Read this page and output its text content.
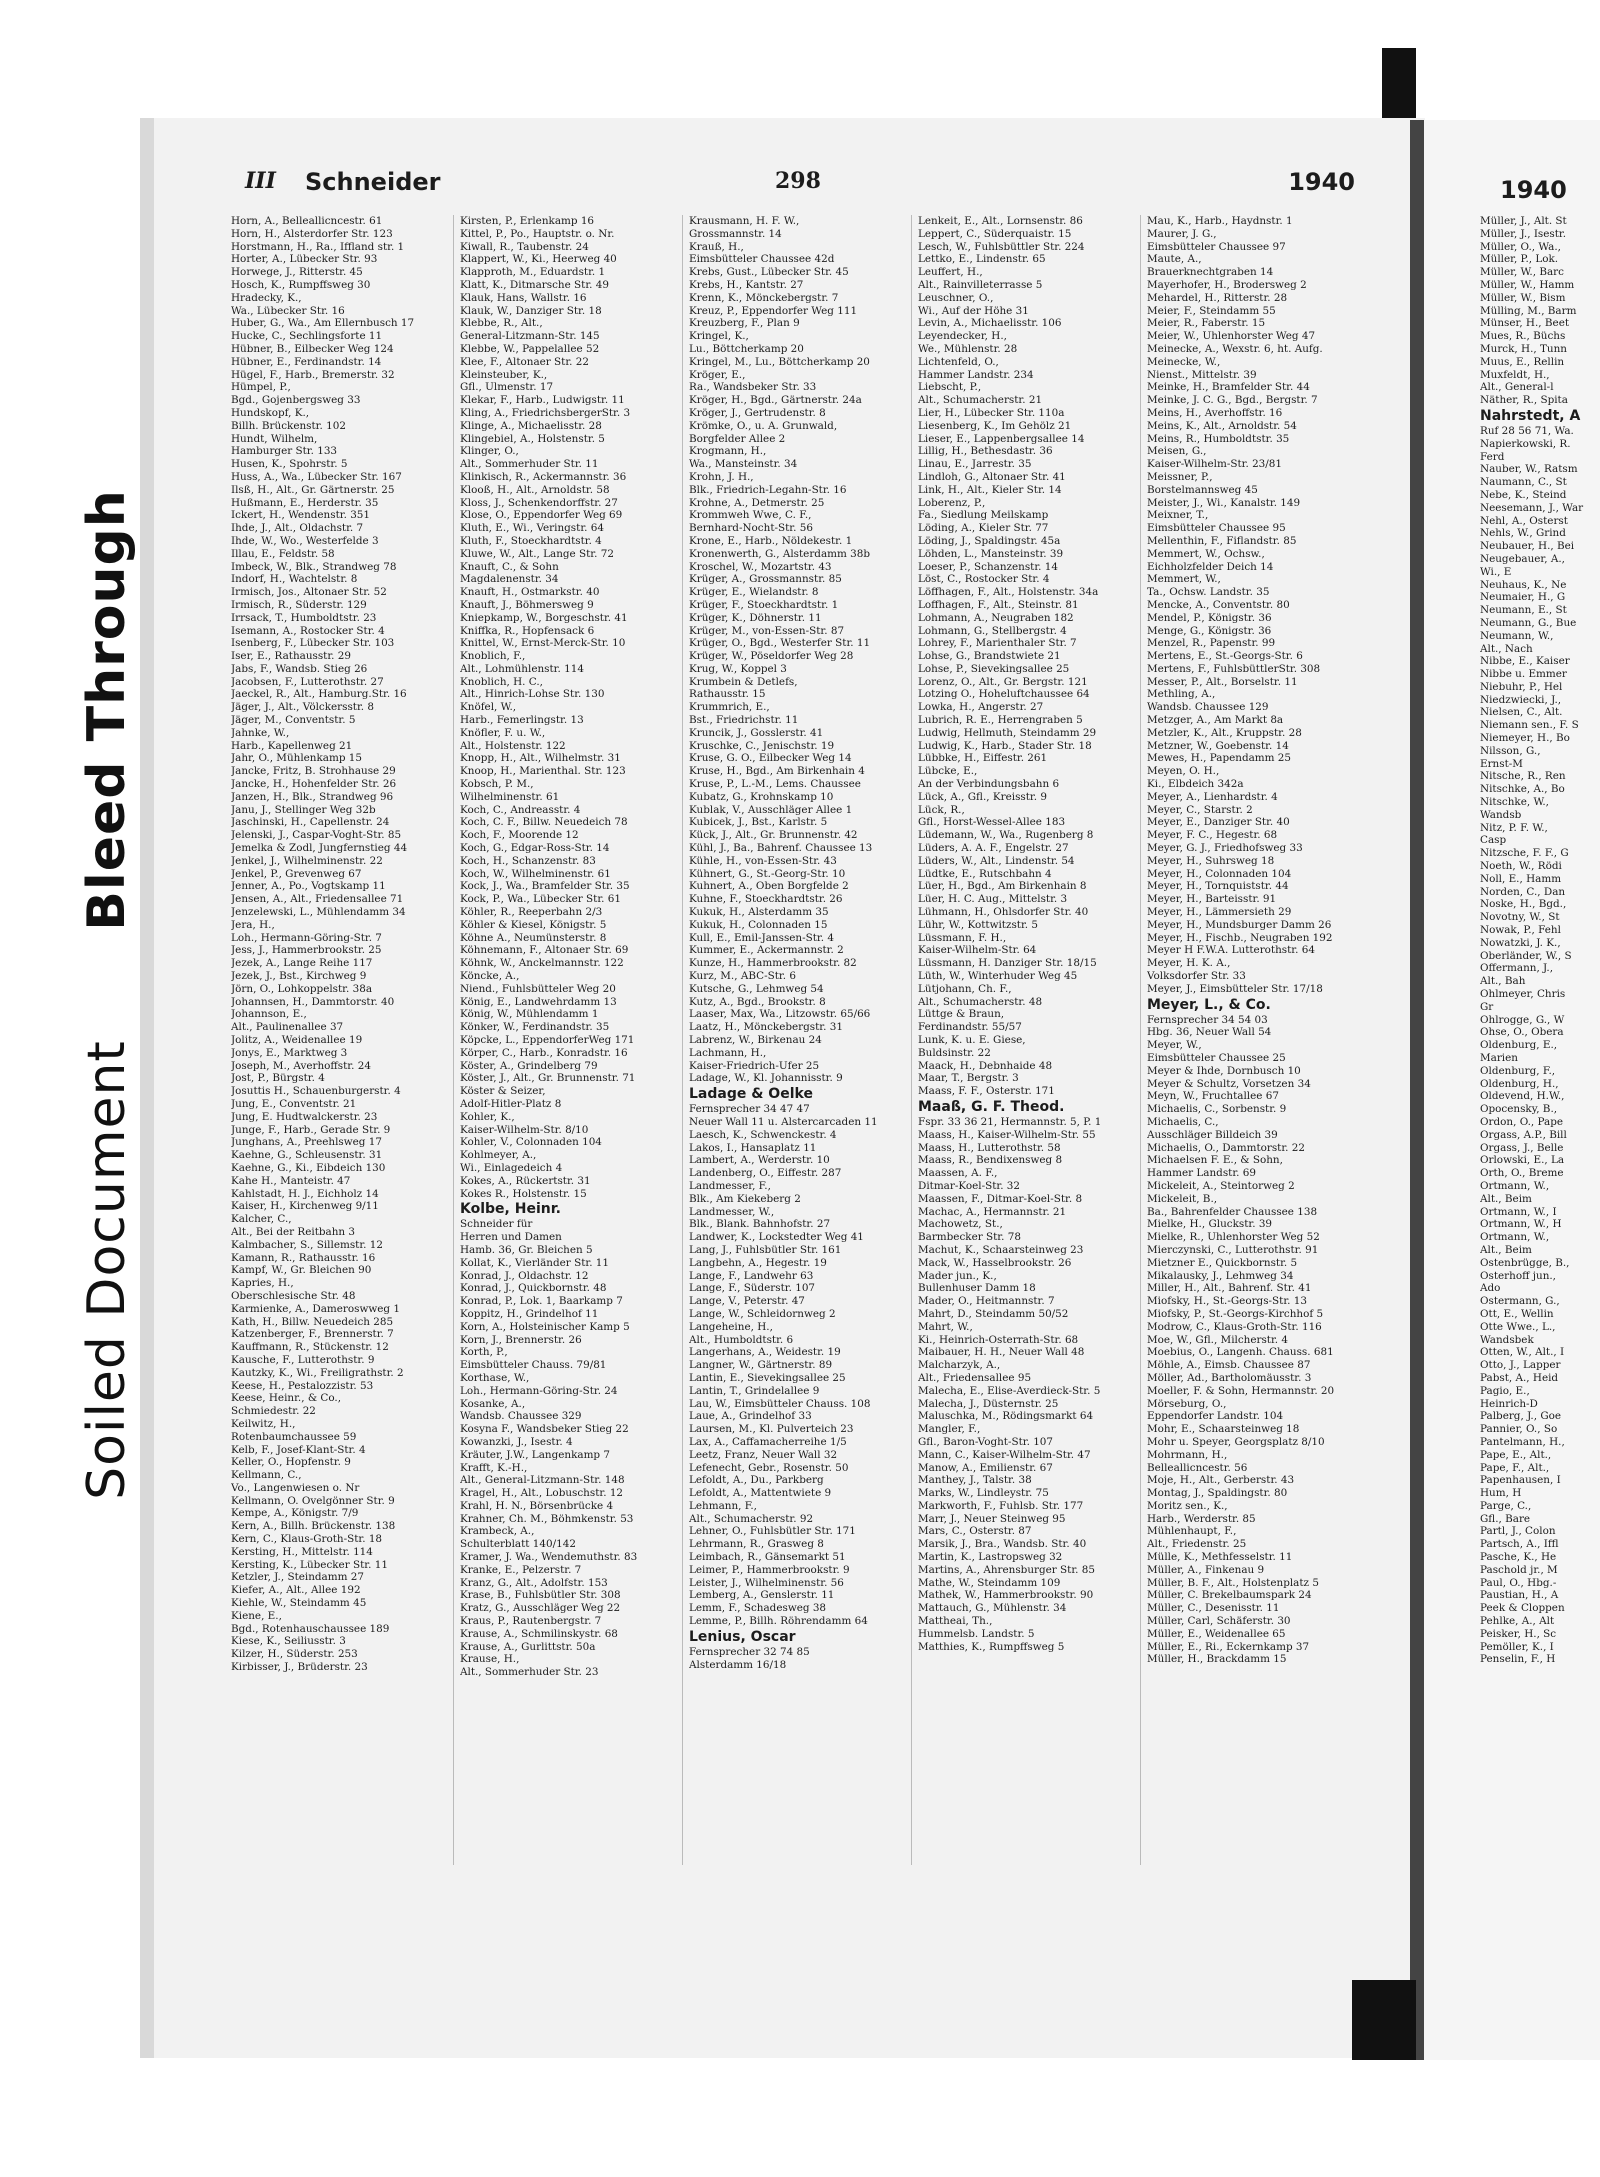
Bleed Through
Soiled Document
III Schneider	298	1940	1940
Horn, A., Belleallicncestr. 61
Horn, H., Alsterdorfer Str. 123
Horstmann, H., Ra., Iffland str. 1
Horter, A., Lübecker Str. 93
Horwege, J., Ritterstr. 45
Hosch, K., Rumpffsweg 30
Hradecky, K.,
Wa., Lübecker Str. 16
Huber, G., Wa., Am Ellernbusch 17
Hucke, C., Sechlingsforte 11
Hübner, B., Eilbecker Weg 124
Hübner, E., Ferdinandstr. 14
Hügel, F., Harb., Bremerstr. 32
Hümpel, P.,
Bgd., Gojenbergsweg 33
Hundskopf, K.,
Billh. Brückenstr. 102
Hundt, Wilhelm,
Hamburger Str. 133
Husen, K., Spohrstr. 5
Huss, A., Wa., Lübecker Str. 167
Ilsß, H., Alt., Gr. Gärtnerstr. 25
Hußmann, E., Herderstr. 35
Ickert, H., Wendenstr. 351
Ihde, J., Alt., Oldachstr. 7
Ihde, W., Wo., Westerfelde 3
Illau, E., Feldstr. 58
Imbeck, W., Blk., Strandweg 78
Indorf, H., Wachtelstr. 8
Irmisch, Jos., Altonaer Str. 52
Irmisch, R., Süderstr. 129
Irrsack, T., Humboldtstr. 23
Isemann, A., Rostocker Str. 4
Isenberg, F., Lübecker Str. 103
Iser, E., Rathausstr. 29
Jabs, F., Wandsb. Stieg 26
Jacobsen, F., Lutterothstr. 27
Jaeckel, R., Alt., Hamburg.Str. 16
Jäger, J., Alt., Völckersstr. 8
Jäger, M., Conventstr. 5
Jahnke, W.,
Harb., Kapellenweg 21
Jahr, O., Mühlenkamp 15
Jancke, Fritz, B. Strohhause 29
Jancke, H., Hohenfelder Str. 26
Janzen, H., Blk., Strandweg 96
Janu, J., Stellinger Weg 32b
Jaschinski, H., Capellenstr. 24
Jelenski, J., Caspar-Voght-Str. 85
Jemelka & Zodl, Jungfernstieg 44
Jenkel, J., Wilhelminenstr. 22
Jenkel, P., Grevenweg 67
Jenner, A., Po., Vogtskamp 11
Jensen, A., Alt., Friedensallee 71
Jenzelewski, L., Mühlendamm 34
Jera, H.,
Loh., Hermann-Göring-Str. 7
Jess, J., Hammerbrookstr. 25
Jezek, A., Lange Reihe 117
Jezek, J., Bst., Kirchweg 9
Jörn, O., Lohkoppelstr. 38a
Johannsen, H., Dammtorstr. 40
Johannson, E.,
Alt., Paulinenallee 37
Jolitz, A., Weidenallee 19
Jonys, E., Marktweg 3
Joseph, M., Averhoffstr. 24
Jost, P., Bürgstr. 4
Josuttis H., Schauenburgerstr. 4
Jung, E., Conventstr. 21
Jung, E. Hudtwalckerstr. 23
Junge, F., Harb., Gerade Str. 9
Junghans, A., Preehlsweg 17
Kaehne, G., Schleusenstr. 31
Kaehne, G., Ki., Eibdeich 130
Kahe H., Manteistr. 47
Kahlstadt, H. J., Eichholz 14
Kaiser, H., Kirchenweg 9/11
Kalcher, C.,
Alt., Bei der Reitbahn 3
Kalmbacher, S., Sillemstr. 12
Kamann, R., Rathausstr. 16
Kampf, W., Gr. Bleichen 90
Kapries, H.,
Oberschlesische Str. 48
Karmienke, A., Dameroswweg 1
Kath, H., Billw. Neuedeich 285
Katzenberger, F., Brennerstr. 7
Kauffmann, R., Stückenstr. 12
Kausche, F., Lutterothstr. 9
Kautzky, K., Wi., Freiligrathstr. 2
Keese, H., Pestalozzistr. 53
Keese, Heinr., & Co.,
Schmiedestr. 22
Keilwitz, H.,
Rotenbaumchaussee 59
Kelb, F., Josef-Klant-Str. 4
Keller, O., Hopfenstr. 9
Kellmann, C.,
Vo., Langenwiesen o. Nr
Kellmann, O. Ovelgönner Str. 9
Kempe, A., Königstr. 7/9
Kern, A., Billh. Brückenstr. 138
Kern, C., Klaus-Groth-Str. 18
Kersting, H., Mittelstr. 114
Kersting, K., Lübecker Str. 11
Ketzler, J., Steindamm 27
Kiefer, A., Alt., Allee 192
Kiehle, W., Steindamm 45
Kiene, E.,
Bgd., Rotenhauschaussee 189
Kiese, K., Seiliusstr. 3
Kilzer, H., Süderstr. 253
Kirbisser, J., Brüderstr. 23
Kirsten, P., Erlenkamp 16
Kittel, P., Po., Hauptstr. o. Nr.
Kiwall, R., Taubenstr. 24
Klappert, W., Ki., Heerweg 40
Klapproth, M., Eduardstr. 1
Klatt, K., Ditmarsche Str. 49
Klauk, Hans, Wallstr. 16
Klauk, W., Danziger Str. 18
Klebbe, R., Alt.,
General-Litzmann-Str. 145
Klebbe, W., Pappelallee 52
Klee, F., Altonaer Str. 22
Kleinsteuber, K.,
Gfl., Ulmenstr. 17
Klekar, F., Harb., Ludwigstr. 11
Kling, A., FriedrichsbergerStr. 3
Klinge, A., Michaelisstr. 28
Klingebiel, A., Holstenstr. 5
Klinger, O.,
Alt., Sommerhuder Str. 11
Klinkisch, R., Ackermannstr. 36
Klooß, H., Alt., Arnoldstr. 58
Kloss, J., Schenkendorffstr. 27
Klose, O., Eppendorfer Weg 69
Kluth, E., Wi., Veringstr. 64
Kluth, F., Stoeckhardtstr. 4
Kluwe, W., Alt., Lange Str. 72
Knauft, C., & Sohn
Magdalenenstr. 34
Knauft, H., Ostmarkstr. 40
Knauft, J., Böhmersweg 9
Kniepkamp, W., Borgeschstr. 41
Kniffka, R., Hopfensack 6
Knittel, W., Ernst-Merck-Str. 10
Knoblich, F.,
Alt., Lohmühlenstr. 114
Knoblich, H. C.,
Alt., Hinrich-Lohse Str. 130
Knöfel, W.,
Harb., Femerlingstr. 13
Knöfler, F. u. W.,
Alt., Holstenstr. 122
Knopp, H., Alt., Wilhelmstr. 31
Knoop, H., Marienthal. Str. 123
Kobsch, P. M.,
Wilhelminenstr. 61
Koch, C., Andreasstr. 4
Koch, C. F., Billw. Neuedeich 78
Koch, F., Moorende 12
Koch, G., Edgar-Ross-Str. 14
Koch, H., Schanzenstr. 83
Koch, W., Wilhelminenstr. 61
Kock, J., Wa., Bramfelder Str. 35
Kock, P., Wa., Lübecker Str. 61
Köhler, R., Reeperbahn 2/3
Köhler & Kiesel, Königstr. 5
Köhne A., Neumünsterstr. 8
Köhnemann, F., Altonaer Str. 69
Köhnk, W., Anckelmannstr. 122
Köncke, A.,
Niend., Fuhlsbütteler Weg 20
König, E., Landwehrdamm 13
König, W., Mühlendamm 1
Könker, W., Ferdinandstr. 35
Köpcke, L., EppendorferWeg 171
Körper, C., Harb., Konradstr. 16
Köster, A., Grindelberg 79
Köster, J., Alt., Gr. Brunnenstr. 71
Köster & Seizer,
Adolf-Hitler-Platz 8
Kohler, K.,
Kaiser-Wilhelm-Str. 8/10
Kohler, V., Colonnaden 104
Kohlmeyer, A.,
Wi., Einlagedeich 4
Kokes, A., Rückertstr. 31
Kokes R., Holstenstr. 15
Kolbe, Heinr.
Schneider für
Herren und Damen
Hamb. 36, Gr. Bleichen 5
Kollat, K., Vierländer Str. 11
Konrad, J., Oldachstr. 12
Konrad, J., Quickbornstr. 48
Konrad, P., Lok. 1, Baarkamp 7
Koppitz, H., Grindelhof 11
Korn, A., Holsteinischer Kamp 5
Korn, J., Brennerstr. 26
Korth, P.,
Eimsbütteler Chauss. 79/81
Korthase, W.,
Loh., Hermann-Göring-Str. 24
Kosanke, A.,
Wandsb. Chaussee 329
Kosyna F., Wandsbeker Stieg 22
Kowanzki, J., Isestr. 4
Kräuter, J.W., Langenkamp 7
Krafft, K.-H.,
Alt., General-Litzmann-Str. 148
Kragel, H., Alt., Lobuschstr. 12
Krahl, H. N., Börsenbrücke 4
Krahner, Ch. M., Böhmkenstr. 53
Krambeck, A.,
Schulterblatt 140/142
Kramer, J. Wa., Wendemuthstr. 83
Kranke, E., Pelzerstr. 7
Kranz, G., Alt., Adolfstr. 153
Krase, B., Fuhlsbütler Str. 308
Kratz, G., Ausschläger Weg 22
Kraus, P., Rautenbergstr. 7
Krause, A., Schmilinskystr. 68
Krause, A., Gurlittstr. 50a
Krause, H.,
Alt., Sommerhuder Str. 23
Krausmann, H. F. W.,
Grossmannstr. 14
Krauß, H.,
Eimsbütteler Chaussee 42d
Krebs, Gust., Lübecker Str. 45
Krebs, H., Kantstr. 27
Krenn, K., Mönckebergstr. 7
Kreuz, P., Eppendorfer Weg 111
Kreuzberg, F., Plan 9
Kringel, K.,
Lu., Böttcherkamp 20
Kringel, M., Lu., Böttcherkamp 20
Kröger, E.,
Ra., Wandsbeker Str. 33
Kröger, H., Bgd., Gärtnerstr. 24a
Kröger, J., Gertrudenstr. 8
Krömke, O., u. A. Grunwald,
Borgfelder Allee 2
Krogmann, H.,
Wa., Mansteinstr. 34
Krohn, J. H.,
Blk., Friedrich-Legahn-Str. 16
Krohne, A., Detmerstr. 25
Krommweh Wwe, C. F.,
Bernhard-Nocht-Str. 56
Krone, E., Harb., Nöldekestr. 1
Kronenwerth, G., Alsterdamm 38b
Kroschel, W., Mozartstr. 43
Krüger, A., Grossmannstr. 85
Krüger, E., Wielandstr. 8
Krüger, F., Stoeckhardtstr. 1
Krüger, K., Döhnerstr. 11
Krüger, M., von-Essen-Str. 87
Krüger, O., Bgd., Westerfer Str. 11
Krüger, W., Pöseldorfer Weg 28
Krug, W., Koppel 3
Krumbein & Detlefs,
Rathausstr. 15
Krummrich, E.,
Bst., Friedrichstr. 11
Kruncik, J., Gosslerstr. 41
Kruschke, C., Jenischstr. 19
Kruse, G. O., Eilbecker Weg 14
Kruse, H., Bgd., Am Birkenhain 4
Kruse, P., L.-M., Lems. Chaussee
Kubatz, G., Krohnskamp 10
Kublak, V., Ausschläger Allee 1
Kubicek, J., Bst., Karlstr. 5
Kück, J., Alt., Gr. Brunnenstr. 42
Kühl, J., Ba., Bahrenf. Chaussee 13
Kühle, H., von-Essen-Str. 43
Kühnert, G., St.-Georg-Str. 10
Kuhnert, A., Oben Borgfelde 2
Kuhne, F., Stoeckhardtstr. 26
Kukuk, H., Alsterdamm 35
Kukuk, H., Colonnaden 15
Kull, E., Emil-Janssen-Str. 4
Kummer, E., Ackermannstr. 2
Kunze, H., Hammerbrookstr. 82
Kurz, M., ABC-Str. 6
Kutsche, G., Lehmweg 54
Kutz, A., Bgd., Brookstr. 8
Laaser, Max, Wa., Litzowstr. 65/66
Laatz, H., Mönckebergstr. 31
Labrenz, W., Birkenau 24
Lachmann, H.,
Kaiser-Friedrich-Ufer 25
Ladage, W., Kl. Johannisstr. 9
Ladage & Oelke
Fernsprecher 34 47 47
Neuer Wall 11 u. Alstercarcaden 11
Laesch, K., Schwenckestr. 4
Lakos, I., Hansaplatz 11
Lambert, A., Werderstr. 10
Landenberg, O., Eiffestr. 287
Landmesser, F.,
Blk., Am Kiekeberg 2
Landmesser, W.,
Blk., Blank. Bahnhofstr. 27
Landwer, K., Lockstedter Weg 41
Lang, J., Fuhlsbütler Str. 161
Langbehn, A., Hegestr. 19
Lange, F., Landwehr 63
Lange, F., Süderstr. 107
Lange, V., Peterstr. 47
Lange, W., Schleidornweg 2
Langeheine, H.,
Alt., Humboldtstr. 6
Langerhans, A., Weidestr. 19
Langner, W., Gärtnerstr. 89
Lantin, E., Sievekingsallee 25
Lantin, T., Grindelallee 9
Lau, W., Eimsbütteler Chauss. 108
Laue, A., Grindelhof 33
Laursen, M., Kl. Pulverteich 23
Lax, A., Caffamacherreihe 1/5
Leetz, Franz, Neuer Wall 32
Lefenecht, Gebr., Rosenstr. 50
Lefoldt, A., Du., Parkberg
Lefoldt, A., Mattentwiete 9
Lehmann, F.,
Alt., Schumacherstr. 92
Lehner, O., Fuhlsbütler Str. 171
Lehrmann, R., Grasweg 8
Leimbach, R., Gänsemarkt 51
Leimer, P., Hammerbrookstr. 9
Leister, J., Wilhelminenstr. 56
Lemberg, A., Genslerstr. 11
Lemm, F., Schadesweg 38
Lemme, P., Billh. Röhrendamm 64
Lenius, Oscar
Fernsprecher 32 74 85
Alsterdamm 16/18
Lenkeit, E., Alt., Lornsenstr. 86
Leppert, C., Süderquaistr. 15
Lesch, W., Fuhlsbüttler Str. 224
Lettko, E., Lindenstr. 65
Leuffert, H.,
Alt., Rainvilleterrasse 5
Leuschner, O.,
Wi., Auf der Höhe 31
Levin, A., Michaelisstr. 106
Leyendecker, H.,
We., Mühlenstr. 28
Lichtenfeld, O.,
Hammer Landstr. 234
Liebscht, P.,
Alt., Schumacherstr. 21
Lier, H., Lübecker Str. 110a
Liesenberg, K., Im Gehölz 21
Lieser, E., Lappenbergsallee 14
Lillig, H., Bethesdastr. 36
Linau, E., Jarrestr. 35
Lindloh, G., Altonaer Str. 41
Link, H., Alt., Kieler Str. 14
Loberenz, P.,
Fa., Siedlung Meilskamp
Löding, A., Kieler Str. 77
Löding, J., Spaldingstr. 45a
Löhden, L., Mansteinstr. 39
Loeser, P., Schanzenstr. 14
Löst, C., Rostocker Str. 4
Löffhagen, F., Alt., Holstenstr. 34a
Loffhagen, F., Alt., Steinstr. 81
Lohmann, A., Neugraben 182
Lohmann, G., Stellbergstr. 4
Lohrey, F., Marienthaler Str. 7
Lohse, G., Brandstwiete 21
Lohse, P., Sievekingsallee 25
Lorenz, O., Alt., Gr. Bergstr. 121
Lotzing O., Hoheluftchaussee 64
Lowka, H., Angerstr. 27
Lubrich, R. E., Herrengraben 5
Ludwig, Hellmuth, Steindamm 29
Ludwig, K., Harb., Stader Str. 18
Lübbke, H., Eiffestr. 261
Lübcke, E.,
An der Verbindungsbahn 6
Lück, A., Gfl., Kreisstr. 9
Lück, R.,
Gfl., Horst-Wessel-Allee 183
Lüdemann, W., Wa., Rugenberg 8
Lüders, A. A. F., Engelstr. 27
Lüders, W., Alt., Lindenstr. 54
Lüdtke, E., Rutschbahn 4
Lüer, H., Bgd., Am Birkenhain 8
Lüer, H. C. Aug., Mittelstr. 3
Lühmann, H., Ohlsdorfer Str. 40
Lühr, W., Kottwitzstr. 5
Lüssmann, F. H.,
Kaiser-Wilhelm-Str. 64
Lüssmann, H. Danziger Str. 18/15
Lüth, W., Winterhuder Weg 45
Lütjohann, Ch. F.,
Alt., Schumacherstr. 48
Lüttge & Braun,
Ferdinandstr. 55/57
Lunk, K. u. E. Giese,
Buldsinstr. 22
Maack, H., Debnhaide 48
Maar, T., Bergstr. 3
Maass, F. F., Osterstr. 171
Maaß, G. F. Theod.
Fspr. 33 36 21, Hermannstr. 5, P. 1
Maass, H., Kaiser-Wilhelm-Str. 55
Maass, H., Lutterothstr. 58
Maass, R., Bendixensweg 8
Maassen, A. F.,
Ditmar-Koel-Str. 32
Maassen, F., Ditmar-Koel-Str. 8
Machac, A., Hermannstr. 21
Machowetz, St.,
Barmbecker Str. 78
Machut, K., Schaarsteinweg 23
Mack, W., Hasselbrookstr. 26
Mader jun., K.,
Bullenhuser Damm 18
Mader, O., Heitmannstr. 7
Mahrt, D., Steindamm 50/52
Mahrt, W.,
Ki., Heinrich-Osterrath-Str. 68
Maibauer, H. H., Neuer Wall 48
Malcharzyk, A.,
Alt., Friedensallee 95
Malecha, E., Elise-Averdieck-Str. 5
Malecha, J., Düsternstr. 25
Maluschka, M., Rödingsmarkt 64
Mangler, F.,
Gfl., Baron-Voght-Str. 107
Mann, C., Kaiser-Wilhelm-Str. 47
Manow, A., Emilienstr. 67
Manthey, J., Talstr. 38
Marks, W., Lindleystr. 75
Markworth, F., Fuhlsb. Str. 177
Marr, J., Neuer Steinweg 95
Mars, C., Osterstr. 87
Marsik, J., Bra., Wandsb. Str. 40
Martin, K., Lastropsweg 32
Martins, A., Ahrensburger Str. 85
Mathe, W., Steindamm 109
Mathek, W., Hammerbrookstr. 90
Mattauch, G., Mühlenstr. 34
Mattheai, Th.,
Hummelsb. Landstr. 5
Matthies, K., Rumpffsweg 5
Mau, K., Harb., Haydnstr. 1
Maurer, J. G.,
Eimsbütteler Chaussee 97
Maute, A.,
Brauerknechtgraben 14
Mayerhofer, H., Brodersweg 2
Mehardel, H., Ritterstr. 28
Meier, F., Steindamm 55
Meier, R., Faberstr. 15
Meier, W., Uhlenhorster Weg 47
Meinecke, A., Wexstr. 6, ht. Aufg.
Meinecke, W.,
Nienst., Mittelstr. 39
Meinke, H., Bramfelder Str. 44
Meinke, J. C. G., Bgd., Bergstr. 7
Meins, H., Averhoffstr. 16
Meins, K., Alt., Arnoldstr. 54
Meins, R., Humboldtstr. 35
Meisen, G.,
Kaiser-Wilhelm-Str. 23/81
Meissner, P.,
Borstelmannsweg 45
Meister, J., Wi., Kanalstr. 149
Meixner, T.,
Eimsbütteler Chaussee 95
Mellenthin, F., Fiflandstr. 85
Memmert, W., Ochsw.,
Eichholzfelder Deich 14
Memmert, W.,
Ta., Ochsw. Landstr. 35
Mencke, A., Conventstr. 80
Mendel, P., Königstr. 36
Menge, G., Königstr. 36
Menzel, R., Papenstr. 99
Mertens, E., St.-Georgs-Str. 6
Mertens, F., FuhlsbüttlerStr. 308
Messer, P., Alt., Borselstr. 11
Methling, A.,
Wandsb. Chaussee 129
Metzger, A., Am Markt 8a
Metzler, K., Alt., Kruppstr. 28
Metzner, W., Goebenstr. 14
Mewes, H., Papendamm 25
Meyen, O. H.,
Ki., Elbdeich 342a
Meyer, A., Lienhardstr. 4
Meyer, C., Starstr. 2
Meyer, E., Danziger Str. 40
Meyer, F. C., Hegestr. 68
Meyer, G. J., Friedhofsweg 33
Meyer, H., Suhrsweg 18
Meyer, H., Colonnaden 104
Meyer, H., Tornquiststr. 44
Meyer, H., Barteisstr. 91
Meyer, H., Lämmersieth 29
Meyer, H., Mundsburger Damm 26
Meyer, H., Fischb., Neugraben 192
Meyer H F.W.A. Lutterothstr. 64
Meyer, H. K. A.,
Volksdorfer Str. 33
Meyer, J., Eimsbütteler Str. 17/18
Meyer, L., & Co.
Fernsprecher 34 54 03
Hbg. 36, Neuer Wall 54
Meyer, W.,
Eimsbütteler Chaussee 25
Meyer & Ihde, Dornbusch 10
Meyer & Schultz, Vorsetzen 34
Meyn, W., Fruchtallee 67
Michaelis, C., Sorbenstr. 9
Michaelis, C.,
Ausschläger Billdeich 39
Michaelis, O., Dammtorstr. 22
Michaelsen F. E., & Sohn,
Hammer Landstr. 69
Mickeleit, A., Steintorweg 2
Mickeleit, B.,
Ba., Bahrenfelder Chaussee 138
Mielke, H., Gluckstr. 39
Mielke, R., Uhlenhorster Weg 52
Mierczynski, C., Lutterothstr. 91
Mietzner E., Quickbornstr. 5
Mikalausky, J., Lehmweg 34
Miller, H., Alt., Bahrenf. Str. 41
Miofsky, H., St.-Georgs-Str. 13
Miofsky, P., St.-Georgs-Kirchhof 5
Modrow, C., Klaus-Groth-Str. 116
Moe, W., Gfl., Milcherstr. 4
Moebius, O., Langenh. Chauss. 681
Möhle, A., Eimsb. Chaussee 87
Möller, Ad., Bartholomäusstr. 3
Moeller, F. & Sohn, Hermannstr. 20
Mörseburg, O.,
Eppendorfer Landstr. 104
Mohr, E., Schaarsteinweg 18
Mohr u. Speyer, Georgsplatz 8/10
Mohrmann, H.,
Belleallicncestr. 56
Moje, H., Alt., Gerberstr. 43
Montag, J., Spaldingstr. 80
Moritz sen., K.,
Harb., Werderstr. 85
Mühlenhaupt, F.,
Alt., Friedenstr. 25
Mülle, K., Methfesselstr. 11
Müller, A., Finkenau 9
Müller, B. F., Alt., Holstenplatz 5
Müller, C. Brekelbaumspark 24
Müller, C., Desenisstr. 11
Müller, Carl, Schäferstr. 30
Müller, E., Weidenallee 65
Müller, E., Ri., Eckernkamp 37
Müller, H., Brackdamm 15
Müller, J., Alt. St
Müller, J., Isestr.
Müller, O., Wa.,
Müller, P., Lok.
Müller, W., Barc
Müller, W., Hamm
Müller, W., Bism
Mülling, M., Barm
Münser, H., Beet
Mues, R., Büchs
Murck, H., Tunn
Muus, E., Rellin
Muxfeldt, H.,
Alt., General-l
Näther, R., Spita
Nahrstedt, A
Ruf 28 56 71, Wa.
Napierkowski, R.
Ferd
Nauber, W., Ratsm
Naumann, C., St
Nebe, K., Steind
Neesemann, J., War
Nehl, A., Osterst
Nehls, W., Grind
Neubauer, H., Bei
Neugebauer, A.,
Wi., E
Neuhaus, K., Ne
Neumaier, H., G
Neumann, E., St
Neumann, G., Bue
Neumann, W.,
Alt., Nach
Nibbe, E., Kaiser
Nibbe u. Emmer
Niebuhr, P., Hel
Niedzwiecki, J.,
Nielsen, C., Alt.
Niemann sen., F. S
Niemeyer, H., Bo
Nilsson, G.,
Ernst-M
Nitsche, R., Ren
Nitschke, A., Bo
Nitschke, W.,
Wandsb
Nitz, P. F. W.,
Casp
Nitzsche, F. F., G
Noeth, W., Rödi
Noll, E., Hamm
Norden, C., Dan
Noske, H., Bgd.,
Novotny, W., St
Nowak, P., Fehl
Nowatzki, J. K.,
Oberländer, W., S
Offermann, J.,
Alt., Bah
Ohlmeyer, Chris
Gr
Ohlrogge, G., W
Ohse, O., Obera
Oldenburg, E.,
Marien
Oldenburg, F.,
Oldenburg, H.,
Oldevend, H.W.,
Opocensky, B.,
Ordon, O., Pape
Orgass, A.P., Bill
Orgass, J., Belle
Orlowski, E., La
Orth, O., Breme
Ortmann, W.,
Alt., Beim
Ortmann, W., I
Ortmann, W., H
Ortmann, W.,
Alt., Beim
Ostenbrügge, B.,
Osterhoff jun.,
Ado
Ostermann, G.,
Ott, E., Wellin
Otte Wwe., L.,
Wandsbek
Otten, W., Alt., I
Otto, J., Lapper
Pabst, A., Heid
Pagio, E.,
Heinrich-D
Palberg, J., Goe
Pannier, O., So
Pantelmann, H.,
Pape, E., Alt.,
Pape, F., Alt.,
Papenhausen, I
Hum, H
Parge, C.,
Gfl., Bare
Partl, J., Colon
Partsch, A., Iffl
Pasche, K., He
Paschold jr., M
Paul, O., Hbg.-
Paustian, H., A
Peek & Cloppen
Pehlke, A., Alt
Peisker, H., Sc
Pemöller, K., I
Penselin, F., H
